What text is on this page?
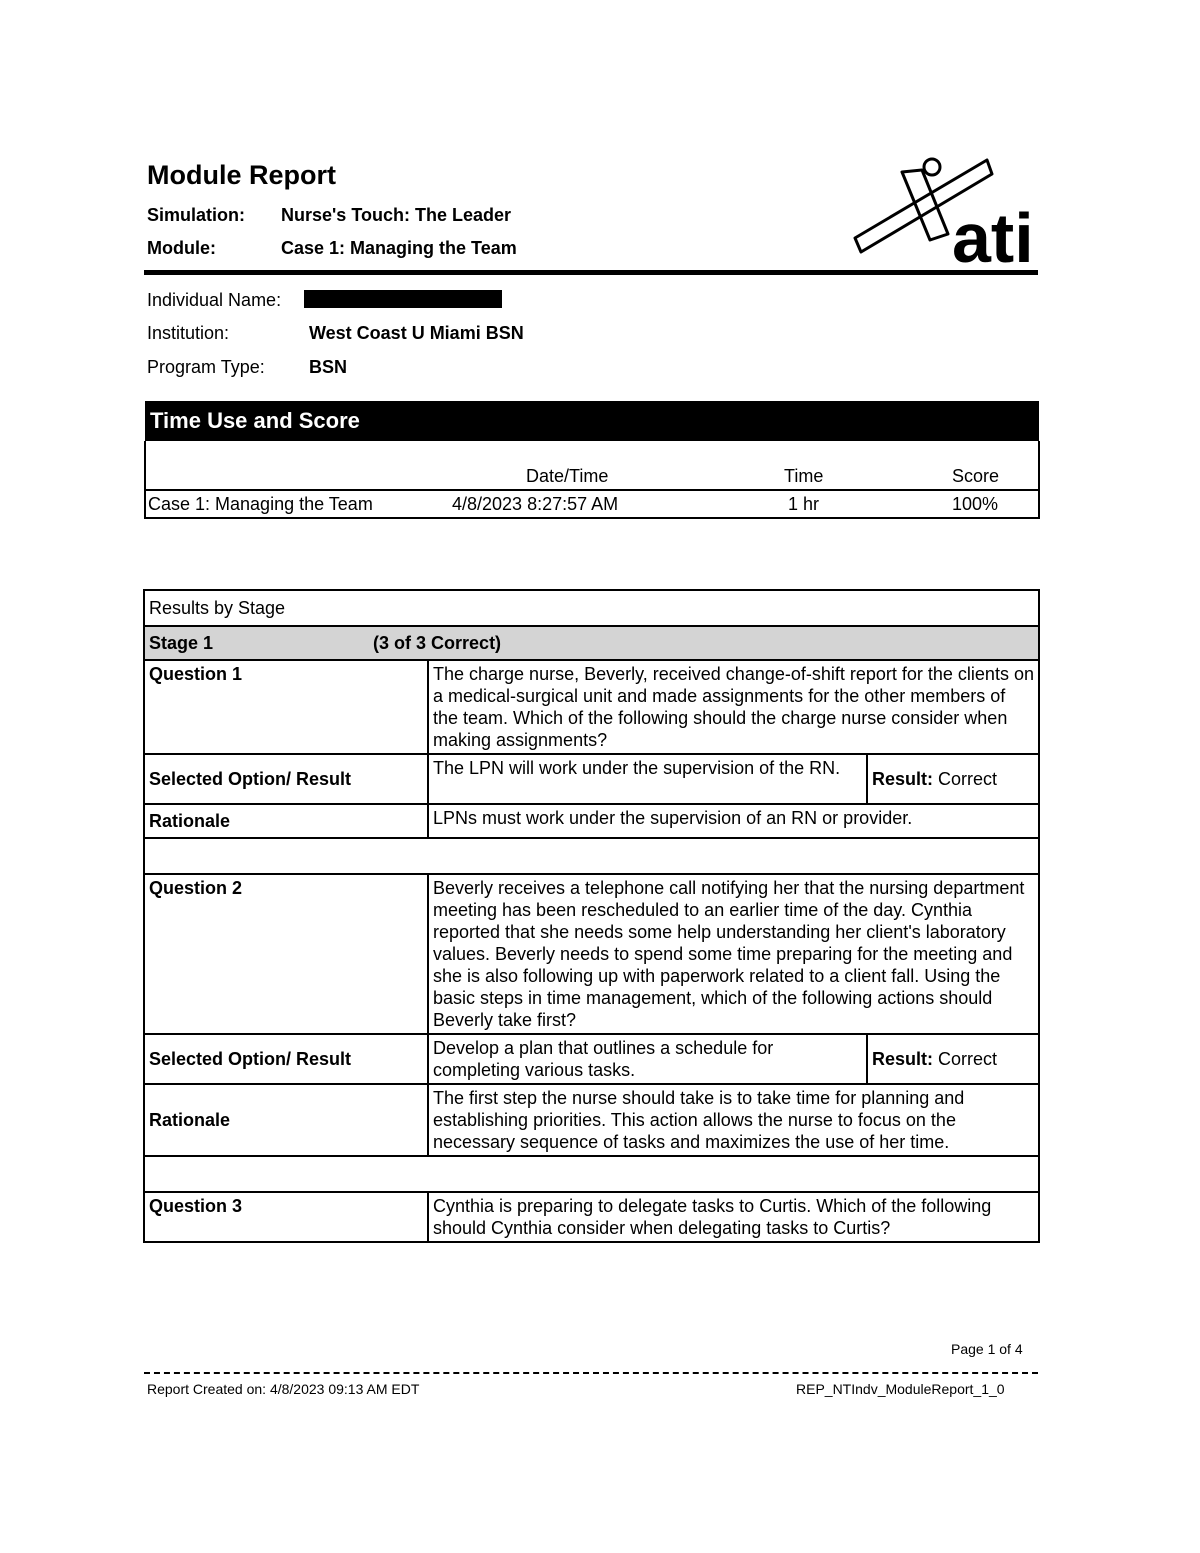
Module Report
Simulation: Nurse's Touch: The Leader
Module:	Case 1: Managing the Team	ati
Individual Name:
Institution:	West Coast U Miami BSN
Program Type: BSN
Time Use and Score			
	Date/Time	Time	Score
Case 1: Managing the Team	4/8/2023 8:27:57 AM	1 hr	100%
Results by Stage		
Stage 1 (3 of 3 Correct)		
Question 1	The charge nurse, Beverly, received change-of-shift report for the clients on a medical-surgical unit and made assignments for the other members of the team. Which of the following should the charge nurse consider when making assignments?	
Selected Option/ Result	The LPN will work under the supervision of the RN.	Result: Correct
Rationale	LPNs must work under the supervision of an RN or provider.	

Question 2	Beverly receives a telephone call notifying her that the nursing department meeting has been rescheduled to an earlier time of the day. Cynthia reported that she needs some help understanding her client's laboratory values. Beverly needs to spend some time preparing for the meeting and she is also following up with paperwork related to a client fall. Using the basic steps in time management, which of the following actions should Beverly take first?	
Selected Option/ Result	Develop a plan that outlines a schedule for completing various tasks.	Result: Correct
Rationale	The first step the nurse should take is to take time for planning and establishing priorities. This action allows the nurse to focus on the necessary sequence of tasks and maximizes the use of her time.	

Question 3	Cynthia is preparing to delegate tasks to Curtis. Which of the following should Cynthia consider when delegating tasks to Curtis?	
Page 1 of 4
Report Created on: 4/8/2023 09:13 AM EDT	REP_NTIndv_ModuleReport_1_0
